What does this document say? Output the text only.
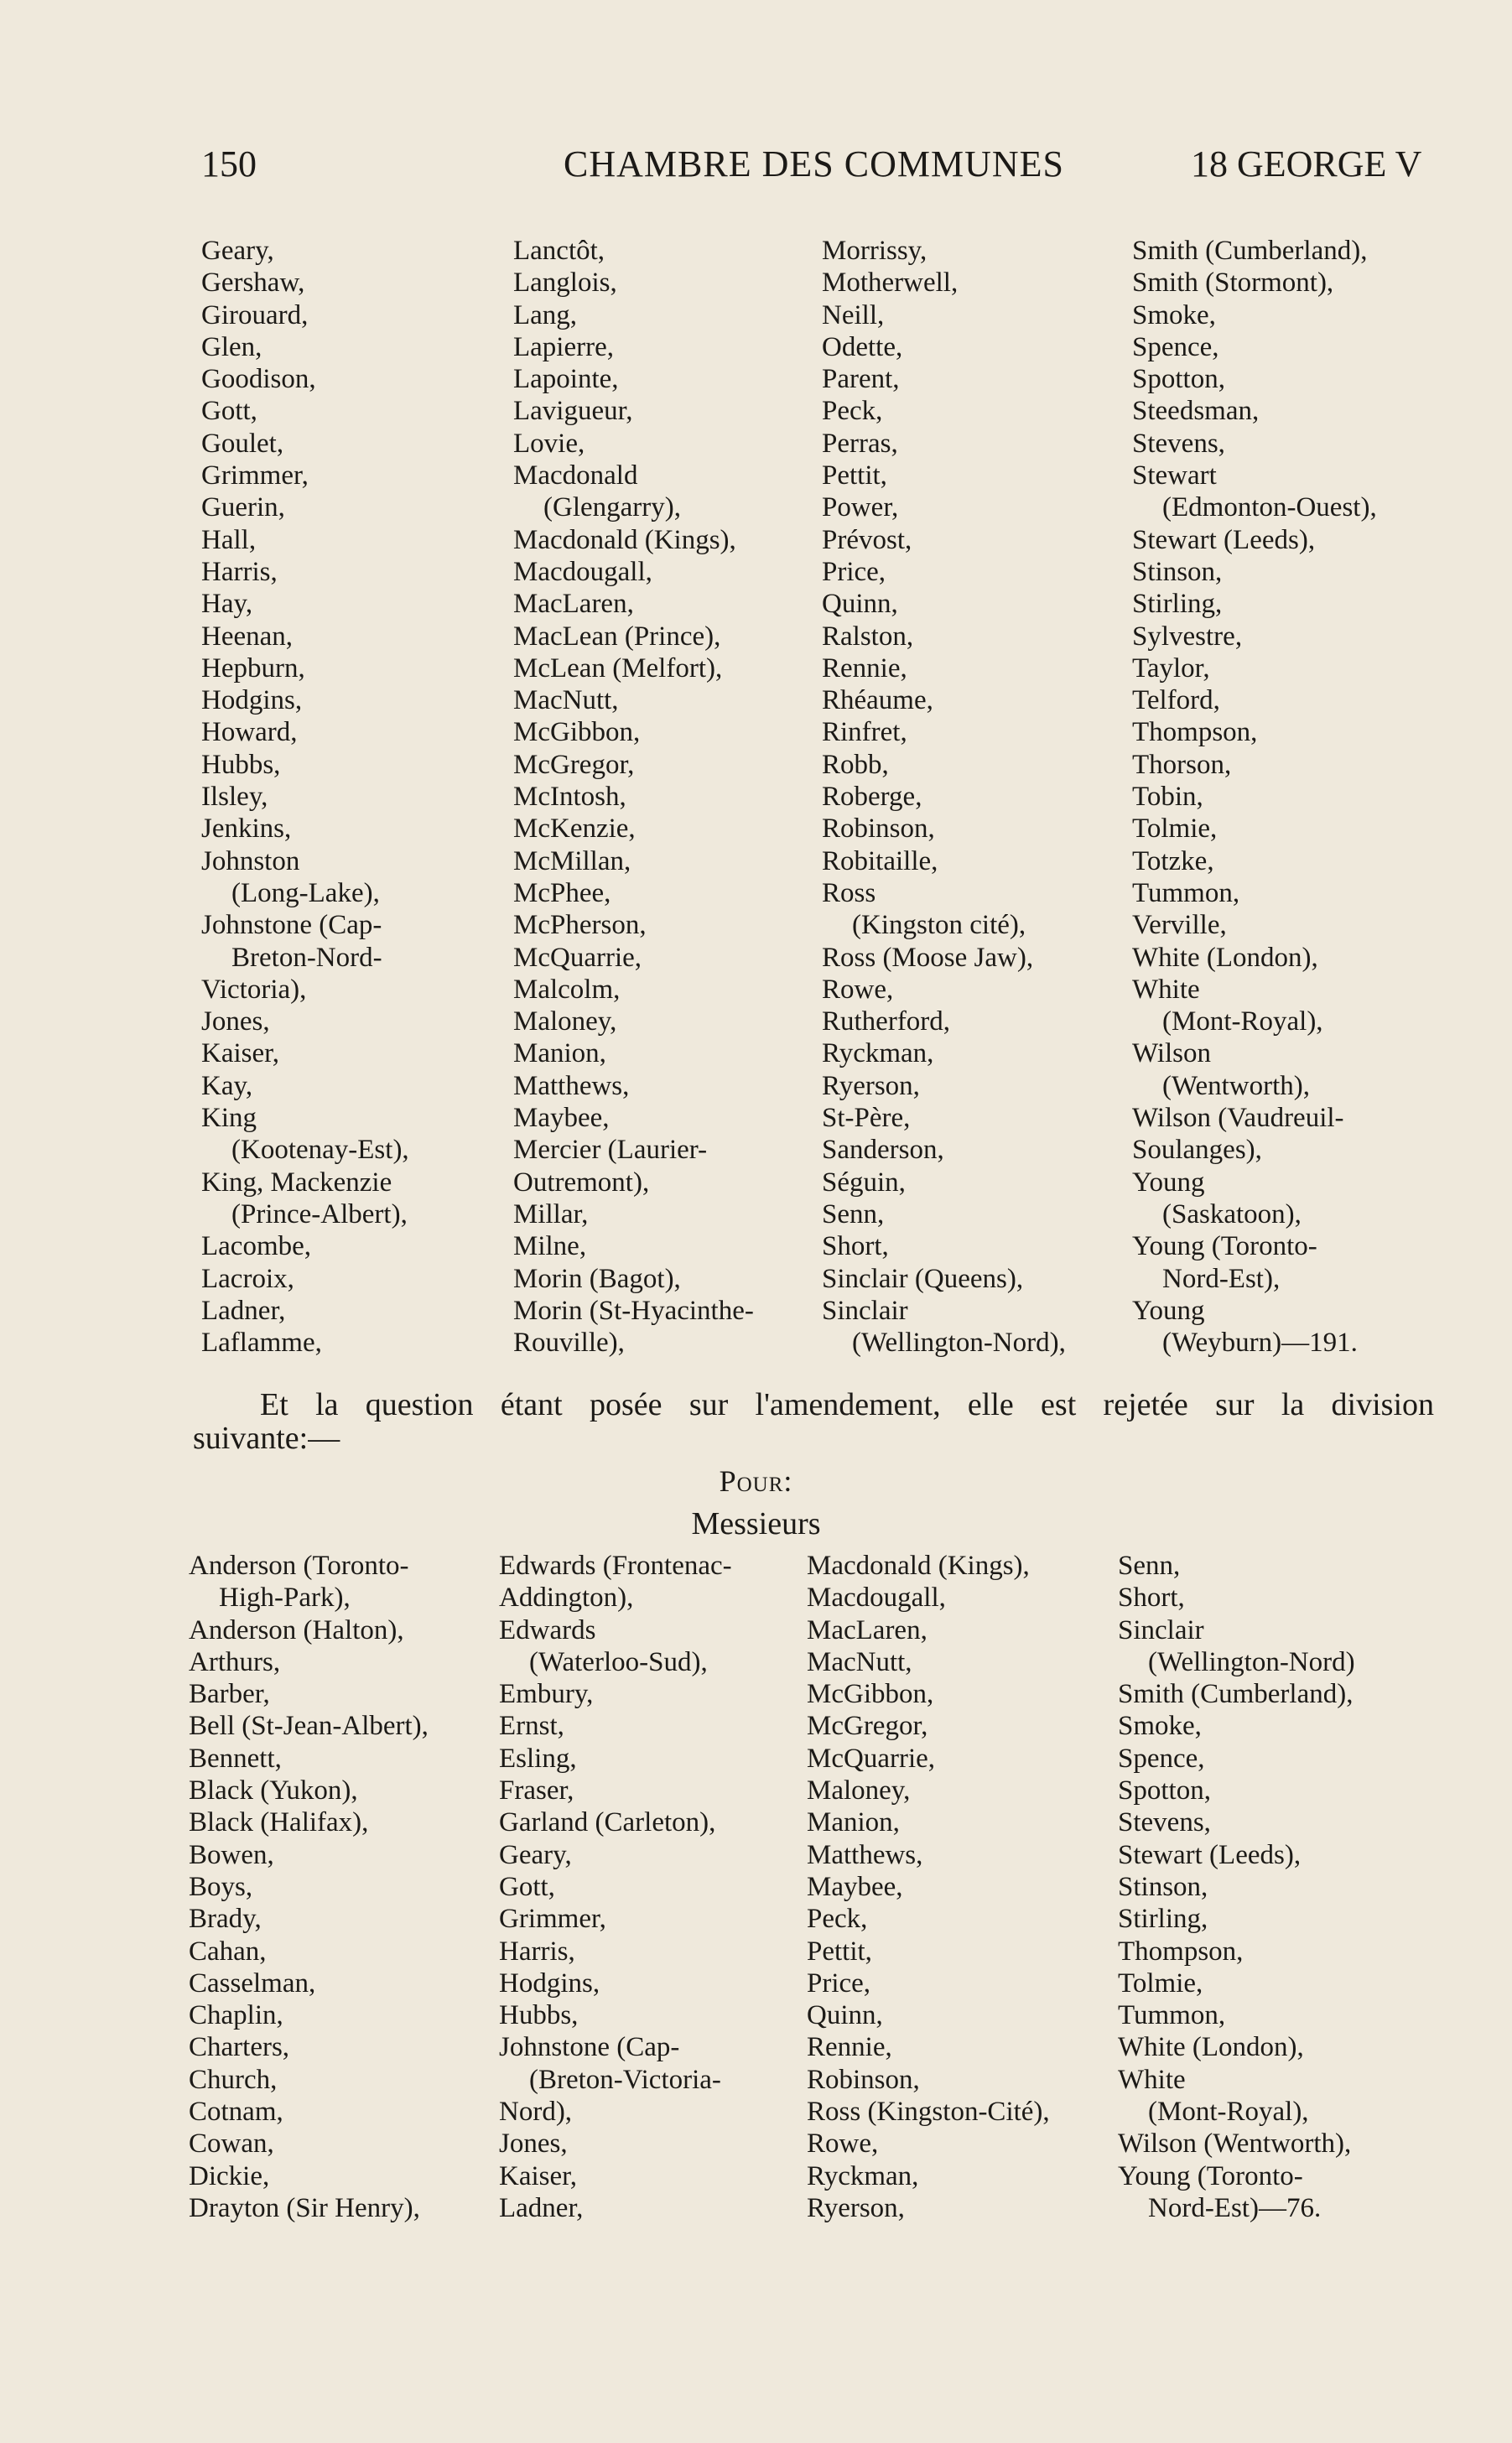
150	CHAMBRE DES COMMUNES	18 GEORGE V
Geary,
Gershaw,
Girouard,
Glen,
Goodison,
Gott,
Goulet,
Grimmer,
Guerin,
Hall,
Harris,
Hay,
Heenan,
Hepburn,
Hodgins,
Howard,
Hubbs,
Ilsley,
Jenkins,
Johnston
(Long-Lake),
Johnstone (Cap-
Breton-Nord-
Victoria),
Jones,
Kaiser,
Kay,
King
(Kootenay-Est),
King, Mackenzie
(Prince-Albert),
Lacombe,
Lacroix,
Ladner,
Laflamme,
Lanctôt,
Langlois,
Lang,
Lapierre,
Lapointe,
Lavigueur,
Lovie,
Macdonald
(Glengarry),
Macdonald (Kings),
Macdougall,
MacLaren,
MacLean (Prince),
McLean (Melfort),
MacNutt,
McGibbon,
McGregor,
McIntosh,
McKenzie,
McMillan,
McPhee,
McPherson,
McQuarrie,
Malcolm,
Maloney,
Manion,
Matthews,
Maybee,
Mercier (Laurier-
Outremont),
Millar,
Milne,
Morin (Bagot),
Morin (St-Hyacinthe-
Rouville),
Morrissy,
Motherwell,
Neill,
Odette,
Parent,
Peck,
Perras,
Pettit,
Power,
Prévost,
Price,
Quinn,
Ralston,
Rennie,
Rhéaume,
Rinfret,
Robb,
Roberge,
Robinson,
Robitaille,
Ross
(Kingston cité),
Ross (Moose Jaw),
Rowe,
Rutherford,
Ryckman,
Ryerson,
St-Père,
Sanderson,
Séguin,
Senn,
Short,
Sinclair (Queens),
Sinclair
(Wellington-Nord),
Smith (Cumberland),
Smith (Stormont),
Smoke,
Spence,
Spotton,
Steedsman,
Stevens,
Stewart
(Edmonton-Ouest),
Stewart (Leeds),
Stinson,
Stirling,
Sylvestre,
Taylor,
Telford,
Thompson,
Thorson,
Tobin,
Tolmie,
Totzke,
Tummon,
Verville,
White (London),
White
(Mont-Royal),
Wilson
(Wentworth),
Wilson (Vaudreuil-
Soulanges),
Young
(Saskatoon),
Young (Toronto-
Nord-Est),
Young
(Weyburn)—191.
Et la question étant posée sur l'amendement, elle est rejetée sur la division
suivante:—
Pour:
Messieurs
Anderson (Toronto-
High-Park),
Anderson (Halton),
Arthurs,
Barber,
Bell (St-Jean-Albert),
Bennett,
Black (Yukon),
Black (Halifax),
Bowen,
Boys,
Brady,
Cahan,
Casselman,
Chaplin,
Charters,
Church,
Cotnam,
Cowan,
Dickie,
Drayton (Sir Henry),
Edwards (Frontenac-
Addington),
Edwards
(Waterloo-Sud),
Embury,
Ernst,
Esling,
Fraser,
Garland (Carleton),
Geary,
Gott,
Grimmer,
Harris,
Hodgins,
Hubbs,
Johnstone (Cap-
(Breton-Victoria-
Nord),
Jones,
Kaiser,
Ladner,
Macdonald (Kings),
Macdougall,
MacLaren,
MacNutt,
McGibbon,
McGregor,
McQuarrie,
Maloney,
Manion,
Matthews,
Maybee,
Peck,
Pettit,
Price,
Quinn,
Rennie,
Robinson,
Ross (Kingston-Cité),
Rowe,
Ryckman,
Ryerson,
Senn,
Short,
Sinclair
(Wellington-Nord)
Smith (Cumberland),
Smoke,
Spence,
Spotton,
Stevens,
Stewart (Leeds),
Stinson,
Stirling,
Thompson,
Tolmie,
Tummon,
White (London),
White
(Mont-Royal),
Wilson (Wentworth),
Young (Toronto-
Nord-Est)—76.
